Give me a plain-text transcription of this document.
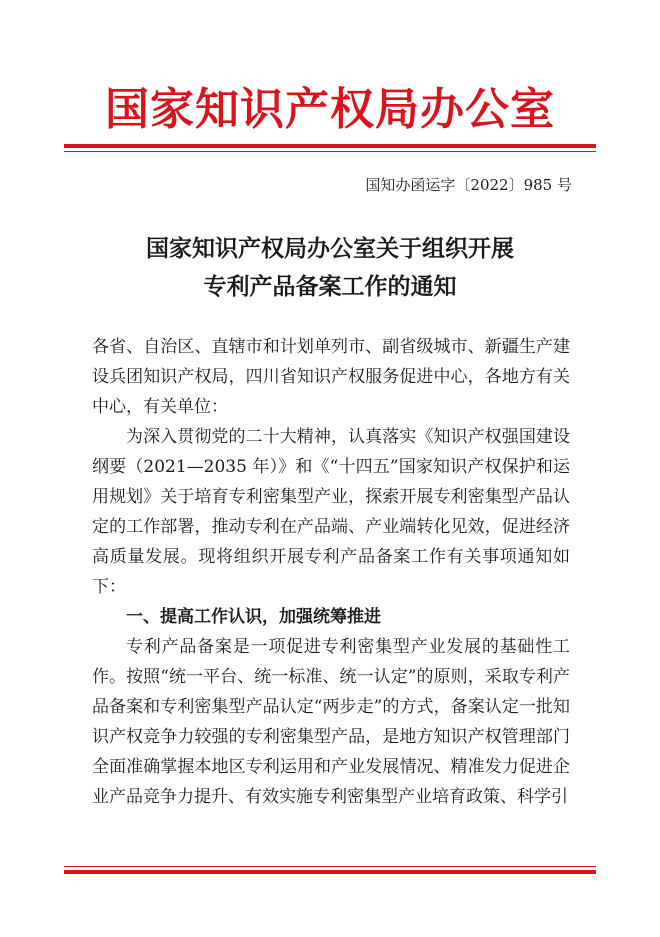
国家知识产权局办公室
国知办函运字〔2022〕985 号
国家知识产权局办公室关于组织开展
专利产品备案工作的通知

各省、自治区、直辖市和计划单列市、副省级城市、新疆生产建设兵团知识产权局，四川省知识产权服务促进中心，各地方有关中心，有关单位：

为深入贯彻党的二十大精神，认真落实《知识产权强国建设纲要（2021—2035 年）》和《“十四五”国家知识产权保护和运用规划》关于培育专利密集型产业，探索开展专利密集型产品认定的工作部署，推动专利在产品端、产业端转化见效，促进经济高质量发展。现将组织开展专利产品备案工作有关事项通知如下：

一、提高工作认识，加强统筹推进

专利产品备案是一项促进专利密集型产业发展的基础性工作。按照“统一平台、统一标准、统一认定”的原则，采取专利产品备案和专利密集型产品认定“两步走”的方式，备案认定一批知识产权竞争力较强的专利密集型产品，是地方知识产权管理部门全面准确掌握本地区专利运用和产业发展情况、精准发力促进企业产品竞争力提升、有效实施专利密集型产业培育政策、科学引
